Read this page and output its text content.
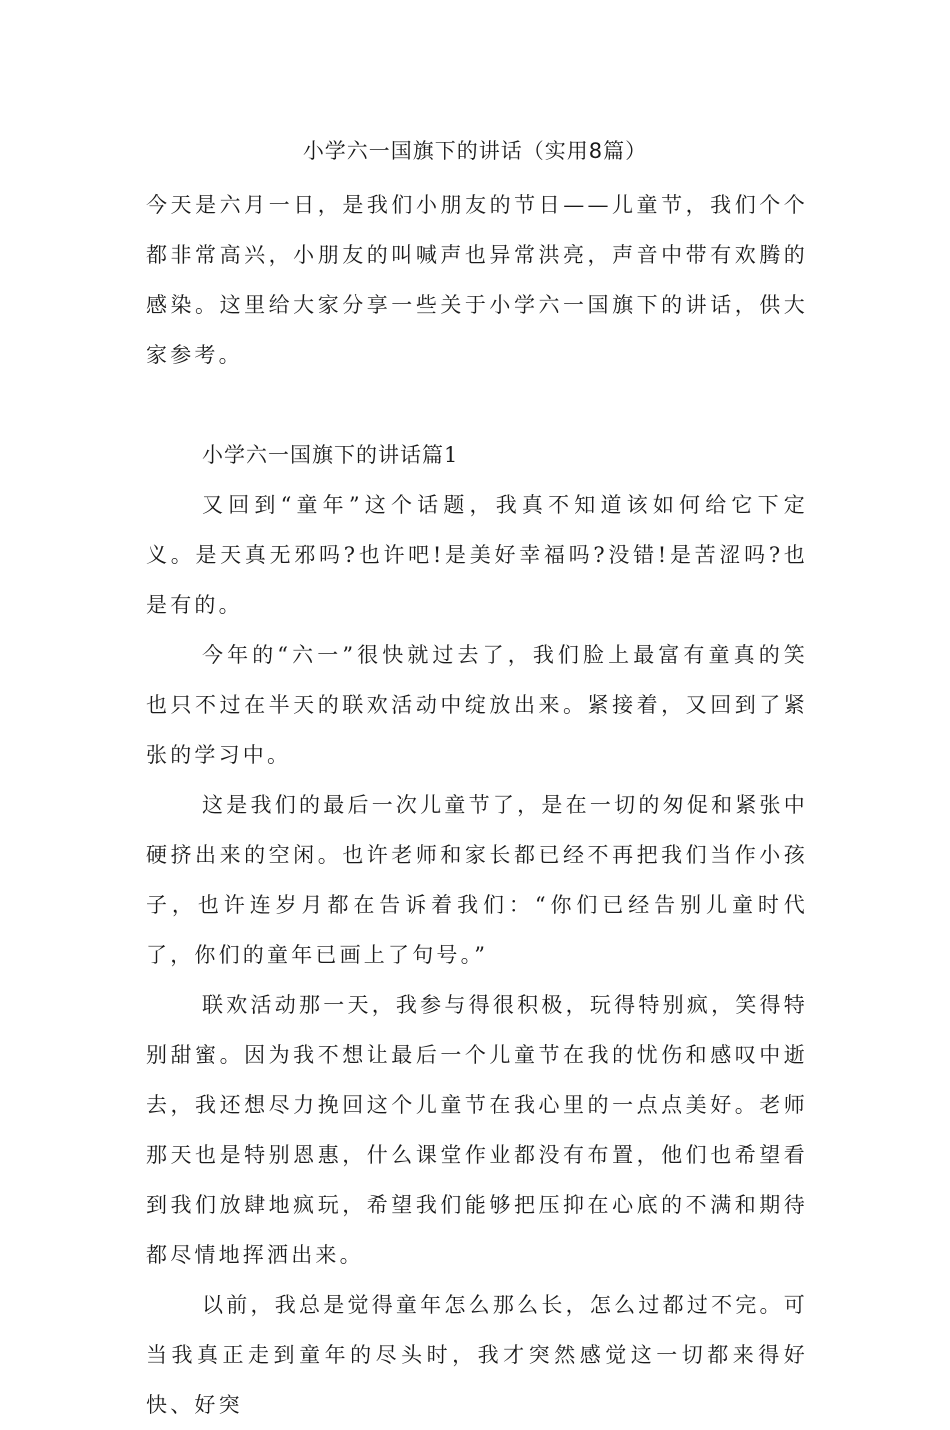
小学六一国旗下的讲话（实用8篇）

今天是六月一日，是我们小朋友的节日——儿童节，我们个个都非常高兴，小朋友的叫喊声也异常洪亮，声音中带有欢腾的感染。这里给大家分享一些关于小学六一国旗下的讲话，供大家参考。

小学六一国旗下的讲话篇1

又回到“童年”这个话题，我真不知道该如何给它下定义。是天真无邪吗?也许吧!是美好幸福吗?没错!是苦涩吗?也是有的。

今年的“六一”很快就过去了，我们脸上最富有童真的笑也只不过在半天的联欢活动中绽放出来。紧接着，又回到了紧张的学习中。

这是我们的最后一次儿童节了，是在一切的匆促和紧张中硬挤出来的空闲。也许老师和家长都已经不再把我们当作小孩子，也许连岁月都在告诉着我们：“你们已经告别儿童时代了，你们的童年已画上了句号。”

联欢活动那一天，我参与得很积极，玩得特别疯，笑得特别甜蜜。因为我不想让最后一个儿童节在我的忧伤和感叹中逝去，我还想尽力挽回这个儿童节在我心里的一点点美好。老师那天也是特别恩惠，什么课堂作业都没有布置，他们也希望看到我们放肆地疯玩，希望我们能够把压抑在心底的不满和期待都尽情地挥洒出来。

以前，我总是觉得童年怎么那么长，怎么过都过不完。可当我真正走到童年的尽头时，我才突然感觉这一切都来得好快、好突
